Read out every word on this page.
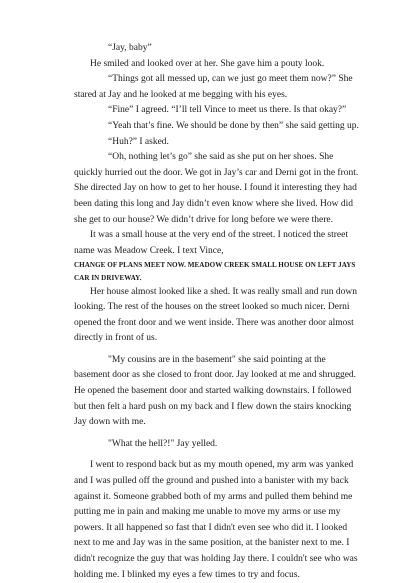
“Jay, baby”

He smiled and looked over at her. She gave him a pouty look.

“Things got all messed up, can we just go meet them now?” She stared at Jay and he looked at me begging with his eyes.

“Fine” I agreed. “I’ll tell Vince to meet us there. Is that okay?”

“Yeah that’s fine. We should be done by then” she said getting up.

“Huh?” I asked.

“Oh, nothing let’s go” she said as she put on her shoes. She quickly hurried out the door. We got in Jay’s car and Derni got in the front. She directed Jay on how to get to her house. I found it interesting they had been dating this long and Jay didn’t even know where she lived. How did she get to our house? We didn’t drive for long before we were there.

It was a small house at the very end of the street. I noticed the street name was Meadow Creek. I text Vince,

CHANGE OF PLANS MEET NOW. MEADOW CREEK SMALL HOUSE ON LEFT JAYS CAR IN DRIVEWAY.

Her house almost looked like a shed. It was really small and run down looking. The rest of the houses on the street looked so much nicer. Derni opened the front door and we went inside. There was another door almost directly in front of us.

"My cousins are in the basement" she said pointing at the basement door as she closed to front door. Jay looked at me and shrugged. He opened the basement door and started walking downstairs. I followed but then felt a hard push on my back and I flew down the stairs knocking Jay down with me.

"What the hell?!" Jay yelled.

I went to respond back but as my mouth opened, my arm was yanked and I was pulled off the ground and pushed into a banister with my back against it. Someone grabbed both of my arms and pulled them behind me putting me in pain and making me unable to move my arms or use my powers. It all happened so fast that I didn't even see who did it. I looked next to me and Jay was in the same position, at the banister next to me. I didn't recognize the guy that was holding Jay there. I couldn't see who was holding me. I blinked my eyes a few times to try and focus.
